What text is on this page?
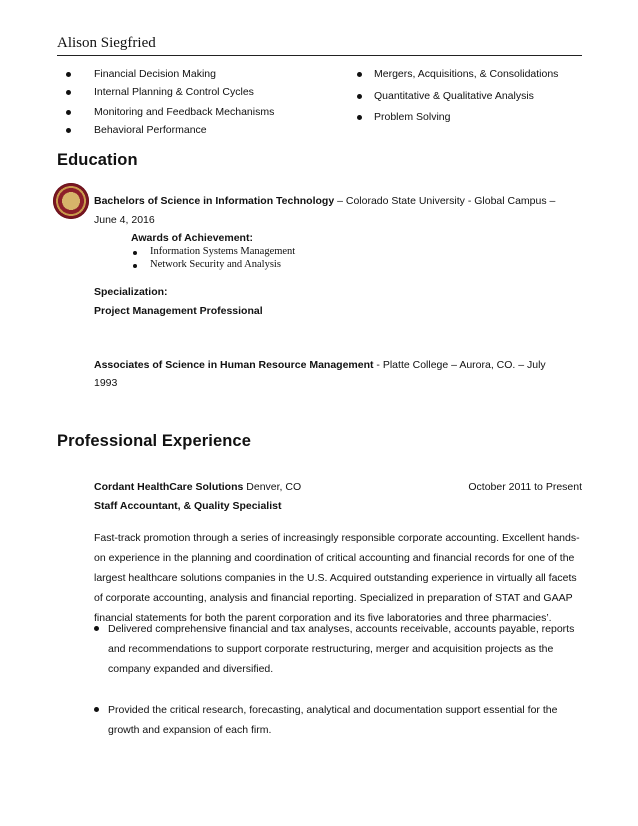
Alison Siegfried
Financial Decision Making
Internal Planning & Control Cycles
Monitoring and Feedback Mechanisms
Behavioral Performance
Mergers, Acquisitions, & Consolidations
Quantitative & Qualitative Analysis
Problem Solving
Education
Bachelors of Science in Information Technology – Colorado State University - Global Campus –
June 4, 2016
Awards of Achievement:
Information Systems Management
Network Security and Analysis
Specialization:
Project Management Professional
Associates of Science in Human Resource Management - Platte College – Aurora, CO. – July
1993
Professional Experience
Cordant HealthCare Solutions Denver, CO	October 2011 to Present
Staff Accountant, & Quality Specialist
Fast-track promotion through a series of increasingly responsible corporate accounting. Excellent hands-
on experience in the planning and coordination of critical accounting and financial records for one of the
largest healthcare solutions companies in the U.S. Acquired outstanding experience in virtually all facets
of corporate accounting, analysis and financial reporting. Specialized in preparation of STAT and GAAP
financial statements for both the parent corporation and its five laboratories and three pharmacies’.
Delivered comprehensive financial and tax analyses, accounts receivable, accounts payable, reports
and recommendations to support corporate restructuring, merger and acquisition projects as the
company expanded and diversified.
Provided the critical research, forecasting, analytical and documentation support essential for the
growth and expansion of each firm.
